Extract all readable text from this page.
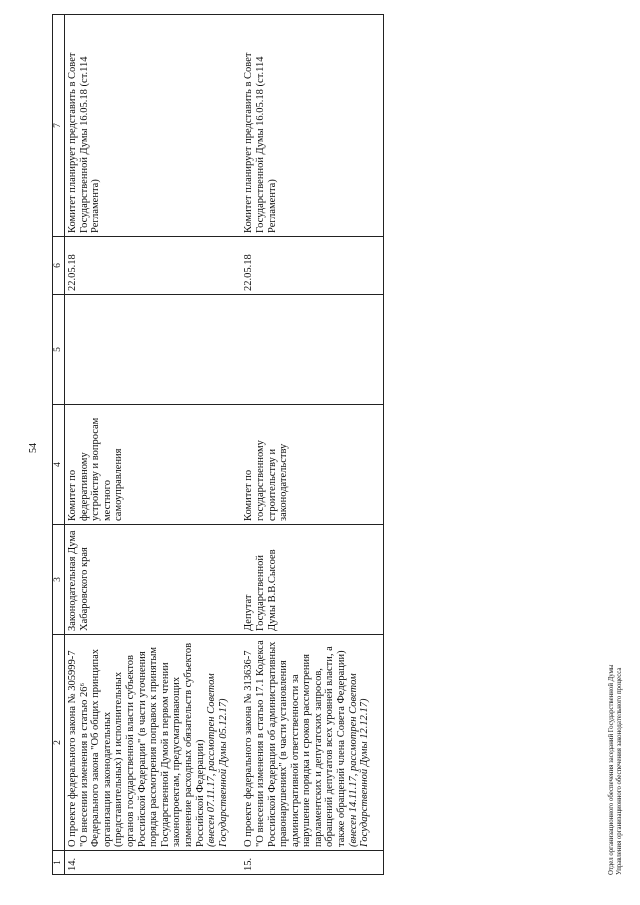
54
1	2	3	4	5	6	7
14.	О проекте федерального закона № 305999-7 "О внесении изменения в статью 26⁶ Федерального закона "Об общих принципах организации законодательных (представительных) и исполнительных органов государственной власти субъектов Российской Федерации" (в части уточнения порядка рассмотрения поправок к принятым Государственной Думой в первом чтении законопроектам, предусматривающих изменение расходных обязательств субъектов Российской Федерации) (внесен 07.11.17, рассмотрен Советом Государственной Думы 05.12.17)	Законодательная Дума Хабаровского края	Комитет по федеративному устройству и вопросам местного самоуправления		22.05.18	Комитет планирует представить в Совет Государственной Думы 16.05.18 (ст.114 Регламента)
15.	О проекте федерального закона № 313636-7 "О внесении изменения в статью 17.1 Кодекса Российской Федерации об административных правонарушениях" (в части установления административной ответственности за нарушение порядка и сроков рассмотрения парламентских и депутатских запросов, обращений депутатов всех уровней власти, а также обращений члена Совета Федерации) (внесен 14.11.17, рассмотрен Советом Государственной Думы 12.12.17)	Депутат Государственной Думы В.В.Сысоев	Комитет по государственному строительству и законодательству		22.05.18	Комитет планирует представить в Совет Государственной Думы 16.05.18 (ст.114 Регламента)
Отдел организационного обеспечения заседаний Государственной Думы Управления организационного обеспечения законодательного процесса
